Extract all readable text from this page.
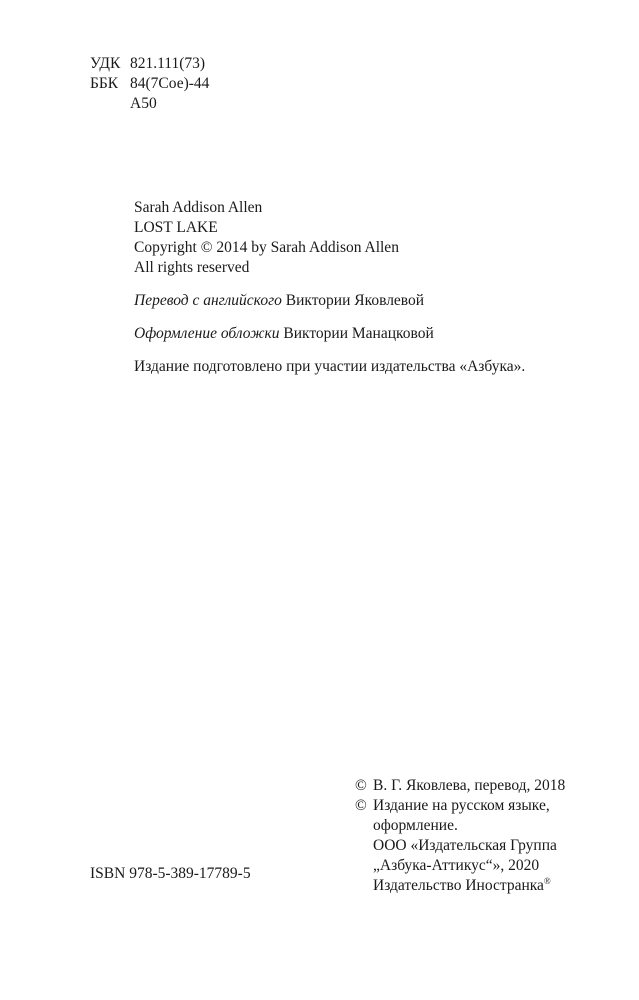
УДК 821.111(73)
ББК 84(7Сое)-44
А50
Sarah Addison Allen
LOST LAKE
Copyright © 2014 by Sarah Addison Allen
All rights reserved
Перевод с английского Виктории Яковлевой
Оформление обложки Виктории Манацковой
Издание подготовлено при участии издательства «Азбука».
© В. Г. Яковлева, перевод, 2018
© Издание на русском языке,
оформление.
ООО «Издательская Группа
„Азбука-Аттикус“», 2020
Издательство Иностранка®
ISBN 978-5-389-17789-5
